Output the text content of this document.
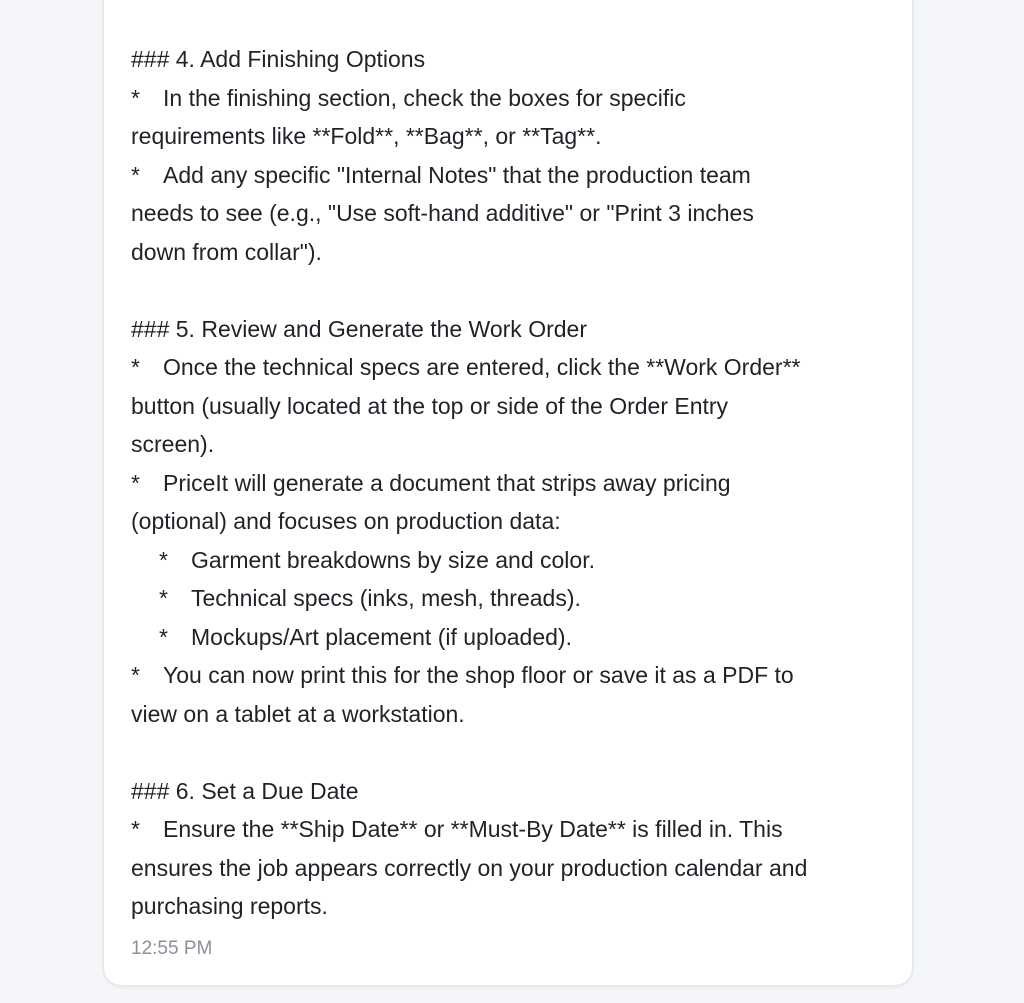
### 4. Add Finishing Options
* In the finishing section, check the boxes for specific
requirements like **Fold**, **Bag**, or **Tag**.
* Add any specific "Internal Notes" that the production team
needs to see (e.g., "Use soft-hand additive" or "Print 3 inches
down from collar").
### 5. Review and Generate the Work Order
* Once the technical specs are entered, click the **Work Order**
button (usually located at the top or side of the Order Entry
screen).
* PriceIt will generate a document that strips away pricing
(optional) and focuses on production data:
* Garment breakdowns by size and color.
* Technical specs (inks, mesh, threads).
* Mockups/Art placement (if uploaded).
* You can now print this for the shop floor or save it as a PDF to
view on a tablet at a workstation.
### 6. Set a Due Date
* Ensure the **Ship Date** or **Must-By Date** is filled in. This
ensures the job appears correctly on your production calendar and
purchasing reports.
12:55 PM
